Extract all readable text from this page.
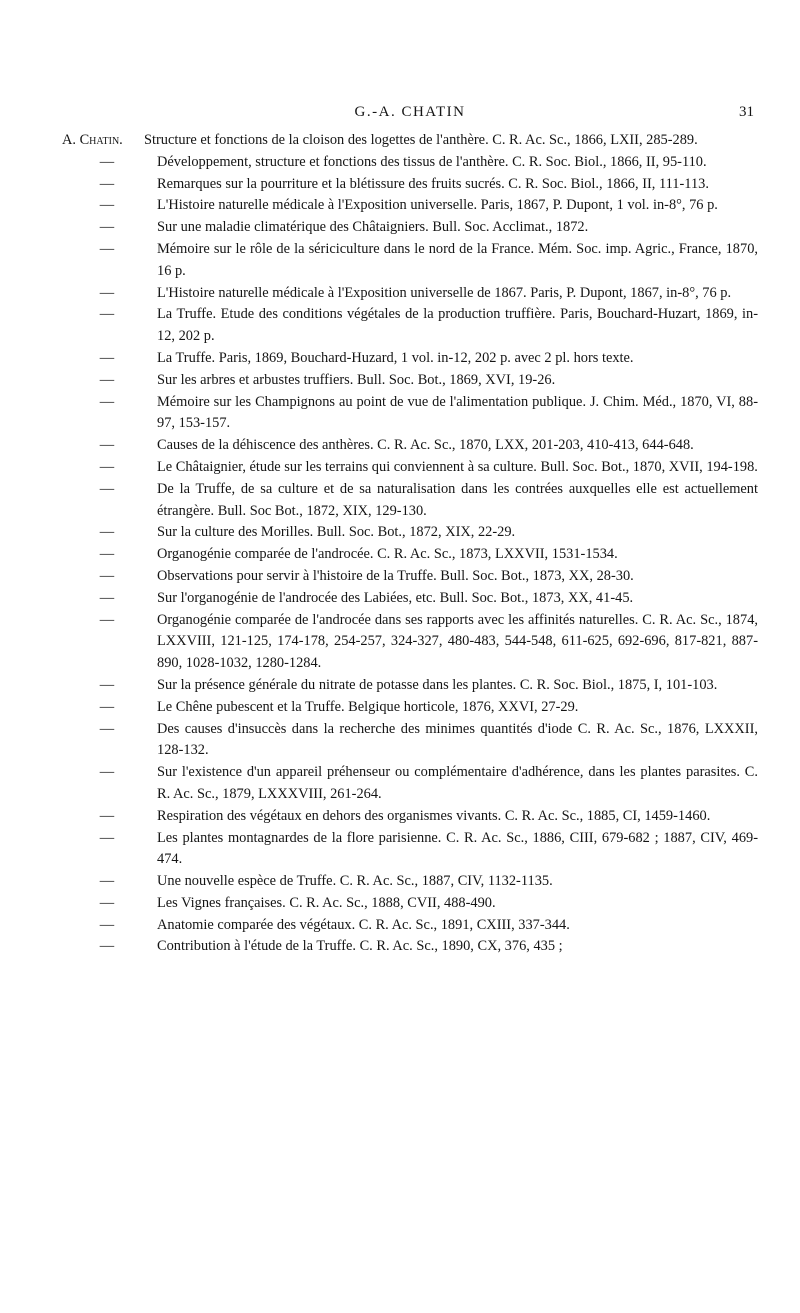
G.-A. CHATIN	31
A. Chatin. Structure et fonctions de la cloison des logettes de l'anthère. C. R. Ac. Sc., 1866, LXII, 285-289.
—	Développement, structure et fonctions des tissus de l'anthère. C. R. Soc. Biol., 1866, II, 95-110.
—	Remarques sur la pourriture et la blétissure des fruits sucrés. C. R. Soc. Biol., 1866, II, 111-113.
—	L'Histoire naturelle médicale à l'Exposition universelle. Paris, 1867, P. Dupont, 1 vol. in-8°, 76 p.
—	Sur une maladie climatérique des Châtaigniers. Bull. Soc. Acclimat., 1872.
—	Mémoire sur le rôle de la sériciculture dans le nord de la France. Mém. Soc. imp. Agric., France, 1870, 16 p.
—	L'Histoire naturelle médicale à l'Exposition universelle de 1867. Paris, P. Dupont, 1867, in-8°, 76 p.
—	La Truffe. Etude des conditions végétales de la production truffière. Paris, Bouchard-Huzart, 1869, in-12, 202 p.
—	La Truffe. Paris, 1869, Bouchard-Huzard, 1 vol. in-12, 202 p. avec 2 pl. hors texte.
—	Sur les arbres et arbustes truffiers. Bull. Soc. Bot., 1869, XVI, 19-26.
—	Mémoire sur les Champignons au point de vue de l'alimentation publique. J. Chim. Méd., 1870, VI, 88-97, 153-157.
—	Causes de la déhiscence des anthères. C. R. Ac. Sc., 1870, LXX, 201-203, 410-413, 644-648.
—	Le Châtaignier, étude sur les terrains qui conviennent à sa culture. Bull. Soc. Bot., 1870, XVII, 194-198.
—	De la Truffe, de sa culture et de sa naturalisation dans les contrées auxquelles elle est actuellement étrangère. Bull. Soc Bot., 1872, XIX, 129-130.
—	Sur la culture des Morilles. Bull. Soc. Bot., 1872, XIX, 22-29.
—	Organogénie comparée de l'androcée. C. R. Ac. Sc., 1873, LXXVII, 1531-1534.
—	Observations pour servir à l'histoire de la Truffe. Bull. Soc. Bot., 1873, XX, 28-30.
—	Sur l'organogénie de l'androcée des Labiées, etc. Bull. Soc. Bot., 1873, XX, 41-45.
—	Organogénie comparée de l'androcée dans ses rapports avec les affinités naturelles. C. R. Ac. Sc., 1874, LXXVIII, 121-125, 174-178, 254-257, 324-327, 480-483, 544-548, 611-625, 692-696, 817-821, 887-890, 1028-1032, 1280-1284.
—	Sur la présence générale du nitrate de potasse dans les plantes. C. R. Soc. Biol., 1875, I, 101-103.
—	Le Chêne pubescent et la Truffe. Belgique horticole, 1876, XXVI, 27-29.
—	Des causes d'insuccès dans la recherche des minimes quantités d'iode C. R. Ac. Sc., 1876, LXXXII, 128-132.
—	Sur l'existence d'un appareil préhenseur ou complémentaire d'adhérence, dans les plantes parasites. C. R. Ac. Sc., 1879, LXXXVIII, 261-264.
—	Respiration des végétaux en dehors des organismes vivants. C. R. Ac. Sc., 1885, CI, 1459-1460.
—	Les plantes montagnardes de la flore parisienne. C. R. Ac. Sc., 1886, CIII, 679-682 ; 1887, CIV, 469-474.
—	Une nouvelle espèce de Truffe. C. R. Ac. Sc., 1887, CIV, 1132-1135.
—	Les Vignes françaises. C. R. Ac. Sc., 1888, CVII, 488-490.
—	Anatomie comparée des végétaux. C. R. Ac. Sc., 1891, CXIII, 337-344.
—	Contribution à l'étude de la Truffe. C. R. Ac. Sc., 1890, CX, 376, 435 ;
